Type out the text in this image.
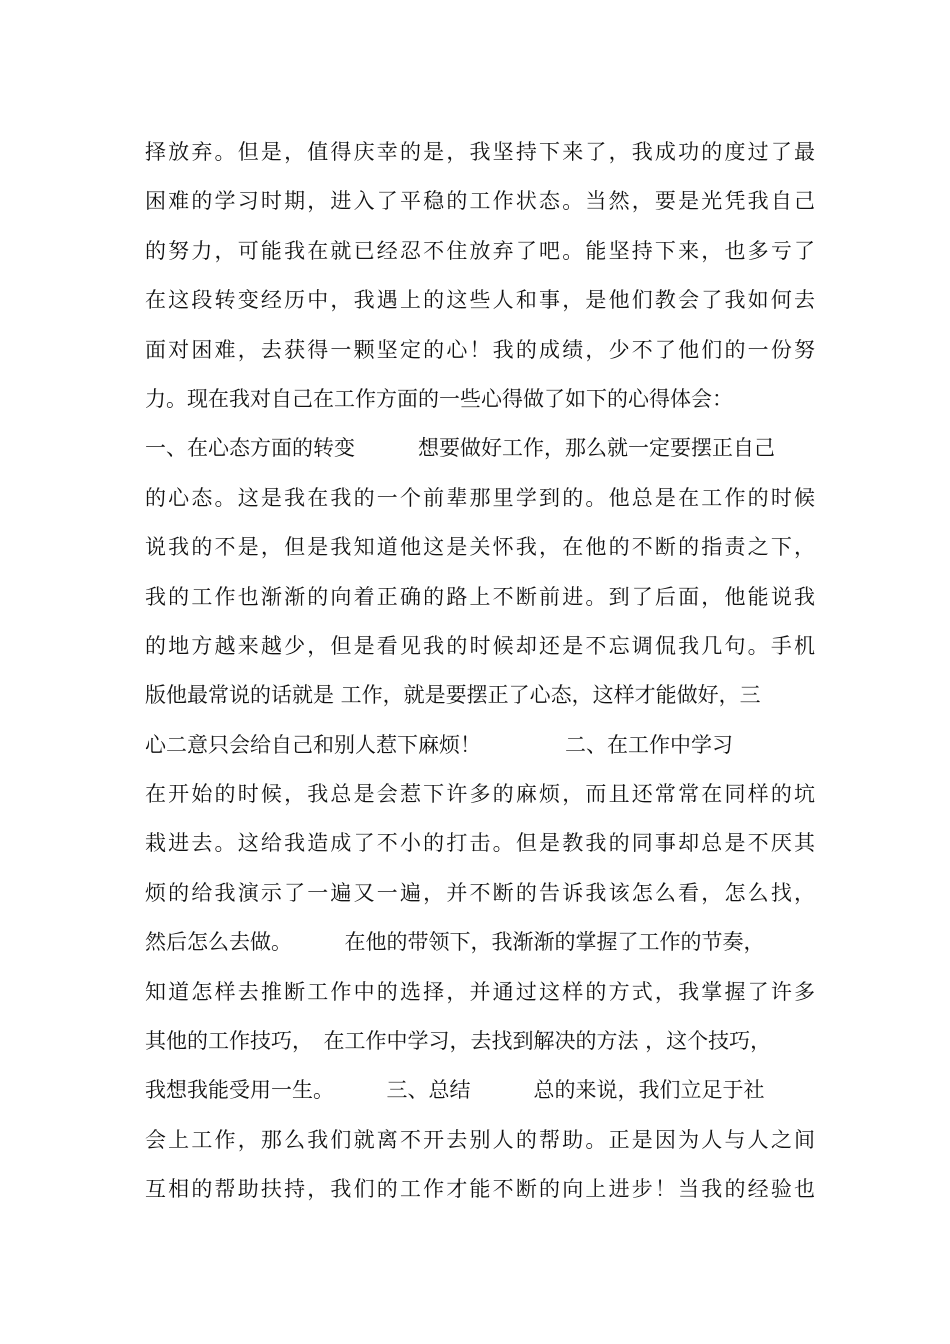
择放弃。但是，值得庆幸的是，我坚持下来了，我成功的度过了最
困难的学习时期，进入了平稳的工作状态。当然，要是光凭我自己
的努力，可能我在就已经忍不住放弃了吧。能坚持下来，也多亏了
在这段转变经历中，我遇上的这些人和事，是他们教会了我如何去
面对困难，去获得一颗坚定的心！我的成绩，少不了他们的一份努
力。现在我对自己在工作方面的一些心得做了如下的心得体会：
一、在心态方面的转变　　　想要做好工作，那么就一定要摆正自己
的心态。这是我在我的一个前辈那里学到的。他总是在工作的时候
说我的不是，但是我知道他这是关怀我，在他的不断的指责之下，
我的工作也渐渐的向着正确的路上不断前进。到了后面，他能说我
的地方越来越少，但是看见我的时候却还是不忘调侃我几句。手机
版他最常说的话就是 工作，就是要摆正了心态，这样才能做好，三
心二意只会给自己和别人惹下麻烦！　　　　二、在工作中学习
在开始的时候，我总是会惹下许多的麻烦，而且还常常在同样的坑
栽进去。这给我造成了不小的打击。但是教我的同事却总是不厌其
烦的给我演示了一遍又一遍，并不断的告诉我该怎么看，怎么找，
然后怎么去做。　　　在他的带领下，我渐渐的掌握了工作的节奏，
知道怎样去推断工作中的选择，并通过这样的方式，我掌握了许多
其他的工作技巧，　在工作中学习，去找到解决的方法 ，这个技巧，
我想我能受用一生。　　　三、总结　　　总的来说，我们立足于社
会上工作，那么我们就离不开去别人的帮助。正是因为人与人之间
互相的帮助扶持，我们的工作才能不断的向上进步！当我的经验也
